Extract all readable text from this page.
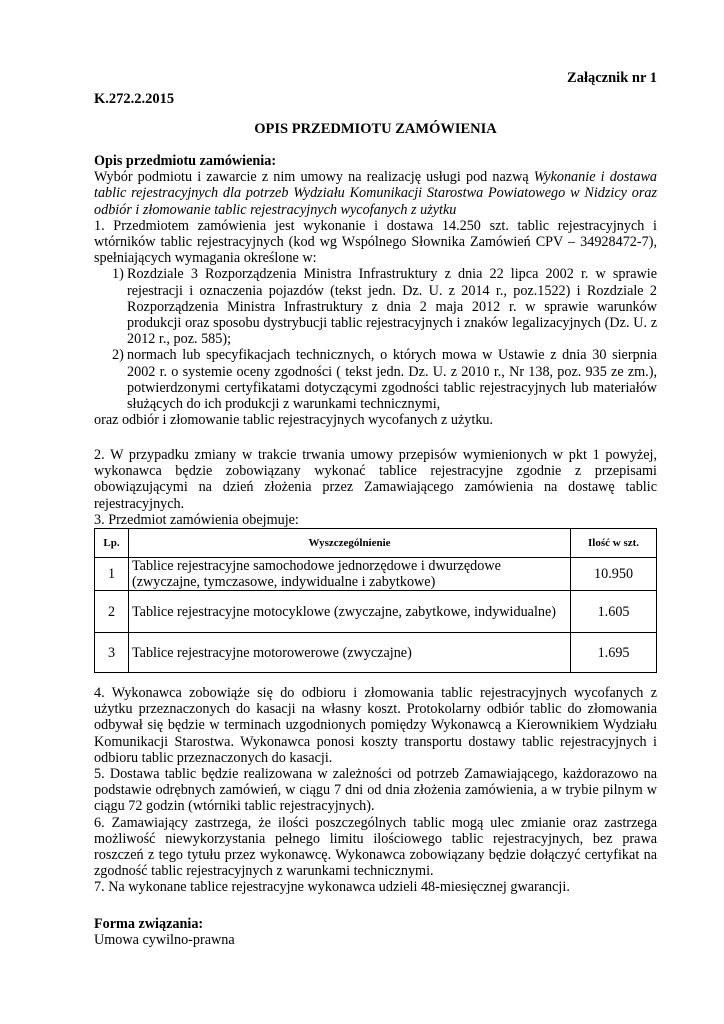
Załącznik nr 1
K.272.2.2015
OPIS PRZEDMIOTU ZAMÓWIENIA

Opis przedmiotu zamówienia:

Wybór podmiotu i zawarcie z nim umowy na realizację usługi pod nazwą Wykonanie i dostawa tablic rejestracyjnych dla potrzeb Wydziału Komunikacji Starostwa Powiatowego w Nidzicy oraz odbiór i złomowanie tablic rejestracyjnych wycofanych z użytku

1. Przedmiotem zamówienia jest wykonanie i dostawa 14.250 szt. tablic rejestracyjnych i wtórników tablic rejestracyjnych (kod wg Wspólnego Słownika Zamówień CPV – 34928472-7), spełniających wymagania określone w:

1) Rozdziale 3 Rozporządzenia Ministra Infrastruktury z dnia 22 lipca 2002 r. w sprawie rejestracji i oznaczenia pojazdów (tekst jedn. Dz. U. z 2014 r., poz.1522) i Rozdziale 2 Rozporządzenia Ministra Infrastruktury z dnia 2 maja 2012 r. w sprawie warunków produkcji oraz sposobu dystrybucji tablic rejestracyjnych i znaków legalizacyjnych (Dz. U. z 2012 r., poz. 585);

2) normach lub specyfikacjach technicznych, o których mowa w Ustawie z dnia 30 sierpnia 2002 r. o systemie oceny zgodności ( tekst jedn. Dz. U. z 2010 r., Nr 138, poz. 935 ze zm.), potwierdzonymi certyfikatami dotyczącymi zgodności tablic rejestracyjnych lub materiałów służących do ich produkcji z warunkami technicznymi,

oraz odbiór i złomowanie tablic rejestracyjnych wycofanych z użytku.

2. W przypadku zmiany w trakcie trwania umowy przepisów wymienionych w pkt 1 powyżej, wykonawca będzie zobowiązany wykonać tablice rejestracyjne zgodnie z przepisami obowiązującymi na dzień złożenia przez Zamawiającego zamówienia na dostawę tablic rejestracyjnych.

3. Przedmiot zamówienia obejmuje:

Lp.	Wyszczególnienie	Ilość w szt.
1	Tablice rejestracyjne samochodowe jednorzędowe i dwurzędowe (zwyczajne, tymczasowe, indywidualne i zabytkowe)	10.950
2	Tablice rejestracyjne motocyklowe (zwyczajne, zabytkowe, indywidualne)	1.605
3	Tablice rejestracyjne motorowerowe (zwyczajne)	1.695

4. Wykonawca zobowiąże się do odbioru i złomowania tablic rejestracyjnych wycofanych z użytku przeznaczonych do kasacji na własny koszt. Protokolarny odbiór tablic do złomowania odbywał się będzie w terminach uzgodnionych pomiędzy Wykonawcą a Kierownikiem Wydziału Komunikacji Starostwa. Wykonawca ponosi koszty transportu dostawy tablic rejestracyjnych i odbioru tablic przeznaczonych do kasacji.

5. Dostawa tablic będzie realizowana w zależności od potrzeb Zamawiającego, każdorazowo na podstawie odrębnych zamówień, w ciągu 7 dni od dnia złożenia zamówienia, a w trybie pilnym w ciągu 72 godzin (wtórniki tablic rejestracyjnych).

6. Zamawiający zastrzega, że ilości poszczególnych tablic mogą ulec zmianie oraz zastrzega możliwość niewykorzystania pełnego limitu ilościowego tablic rejestracyjnych, bez prawa roszczeń z tego tytułu przez wykonawcę. Wykonawca zobowiązany będzie dołączyć certyfikat na zgodność tablic rejestracyjnych z warunkami technicznymi.

7. Na wykonane tablice rejestracyjne wykonawca udzieli 48-miesięcznej gwarancji.

Forma związania:

Umowa cywilno-prawna
